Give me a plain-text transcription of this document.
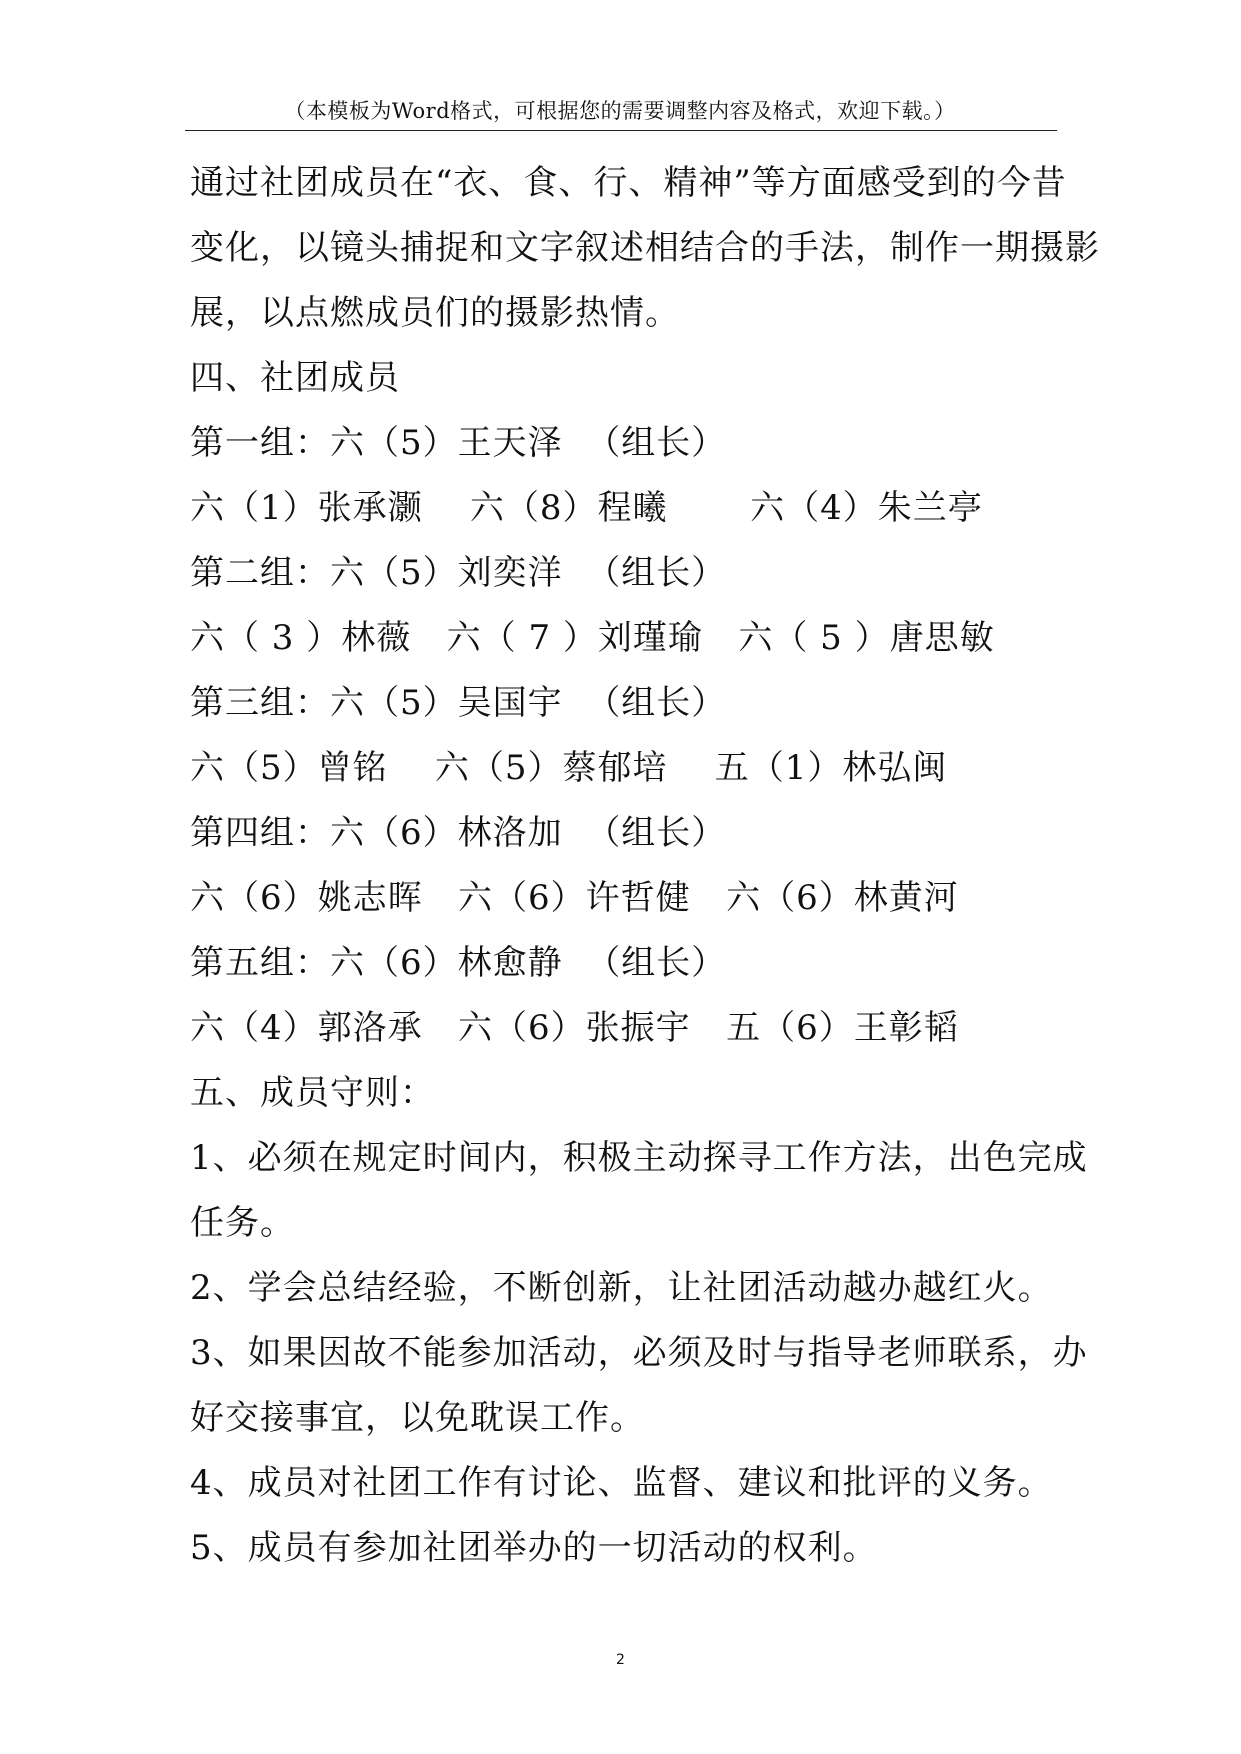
（本模板为Word格式，可根据您的需要调整内容及格式，欢迎下载。）
通过社团成员在“衣、食、行、精神”等方面感受到的今昔
变化，以镜头捕捉和文字叙述相结合的手法，制作一期摄影
展，以点燃成员们的摄影热情。
四、社团成员
第一组：六（5）王天泽  （组长）
六（1）张承灏    六（8）程曦       六（4）朱兰亭
第二组：六（5）刘奕洋  （组长）
六（ 3 ）林薇   六（ 7 ）刘瑾瑜   六（ 5 ）唐思敏
第三组：六（5）吴国宇  （组长）
六（5）曾铭    六（5）蔡郁培    五（1）林弘闽
第四组：六（6）林洛加  （组长）
六（6）姚志晖   六（6）许哲健   六（6）林黄河
第五组：六（6）林愈静  （组长）
六（4）郭洛承   六（6）张振宇   五（6）王彰韬
五、成员守则：
1、必须在规定时间内，积极主动探寻工作方法，出色完成
任务。
2、学会总结经验，不断创新，让社团活动越办越红火。
3、如果因故不能参加活动，必须及时与指导老师联系，办
好交接事宜，以免耽误工作。
4、成员对社团工作有讨论、监督、建议和批评的义务。
5、成员有参加社团举办的一切活动的权利。
2
